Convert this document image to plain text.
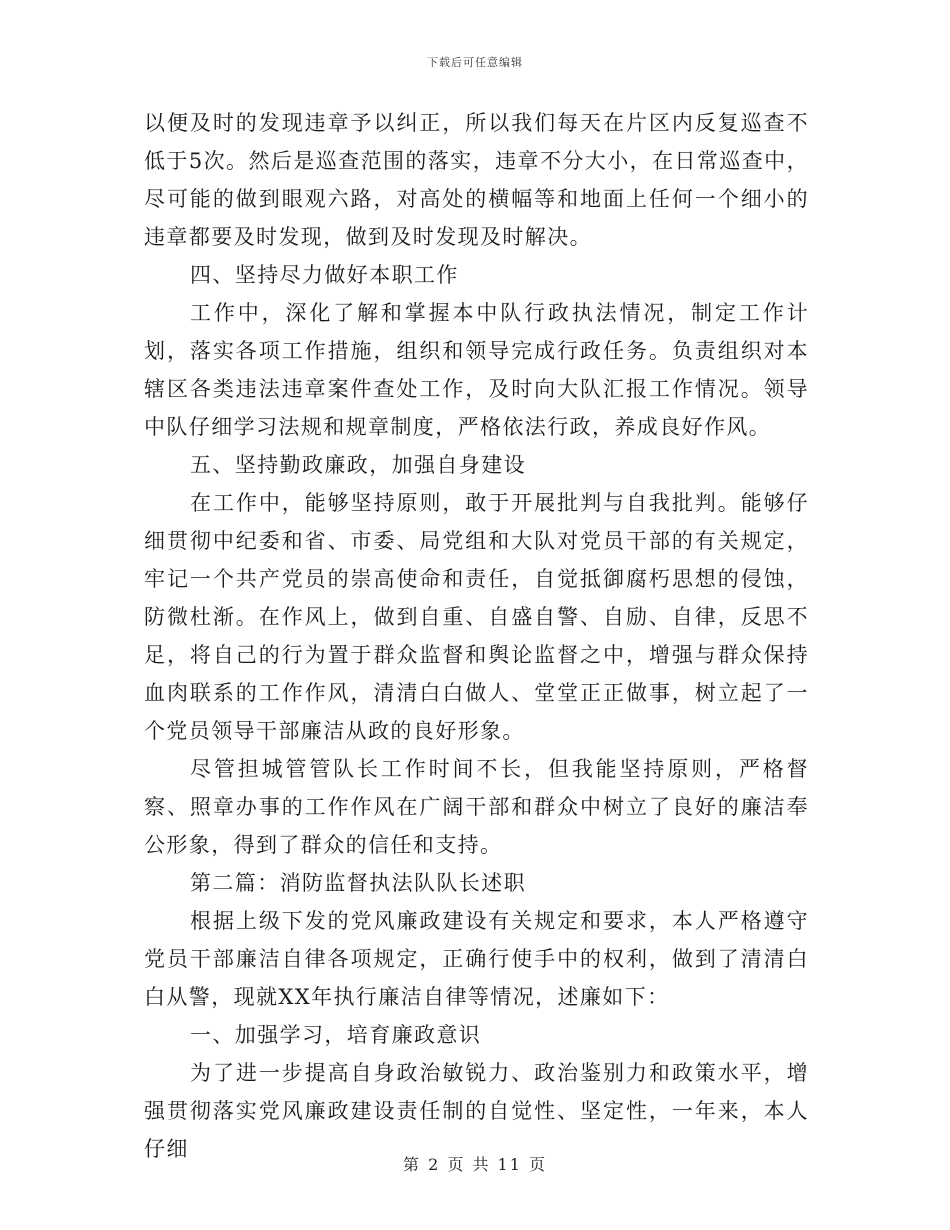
下载后可任意编辑

以便及时的发现违章予以纠正，所以我们每天在片区内反复巡查不低于5次。然后是巡查范围的落实，违章不分大小，在日常巡查中，尽可能的做到眼观六路，对高处的横幅等和地面上任何一个细小的违章都要及时发现，做到及时发现及时解决。

四、坚持尽力做好本职工作

工作中，深化了解和掌握本中队行政执法情况，制定工作计划，落实各项工作措施，组织和领导完成行政任务。负责组织对本辖区各类违法违章案件查处工作，及时向大队汇报工作情况。领导中队仔细学习法规和规章制度，严格依法行政，养成良好作风。

五、坚持勤政廉政，加强自身建设

在工作中，能够坚持原则，敢于开展批判与自我批判。能够仔细贯彻中纪委和省、市委、局党组和大队对党员干部的有关规定，牢记一个共产党员的崇高使命和责任，自觉抵御腐朽思想的侵蚀，防微杜渐。在作风上，做到自重、自盛自警、自励、自律，反思不足，将自己的行为置于群众监督和舆论监督之中，增强与群众保持血肉联系的工作作风，清清白白做人、堂堂正正做事，树立起了一个党员领导干部廉洁从政的良好形象。

尽管担城管管队长工作时间不长，但我能坚持原则，严格督察、照章办事的工作作风在广阔干部和群众中树立了良好的廉洁奉公形象，得到了群众的信任和支持。

第二篇：消防监督执法队队长述职

根据上级下发的党风廉政建设有关规定和要求，本人严格遵守党员干部廉洁自律各项规定，正确行使手中的权利，做到了清清白白从警，现就XX年执行廉洁自律等情况，述廉如下：

一、加强学习，培育廉政意识

为了进一步提高自身政治敏锐力、政治鉴别力和政策水平，增强贯彻落实党风廉政建设责任制的自觉性、坚定性，一年来，本人仔细

第 2 页 共 11 页
